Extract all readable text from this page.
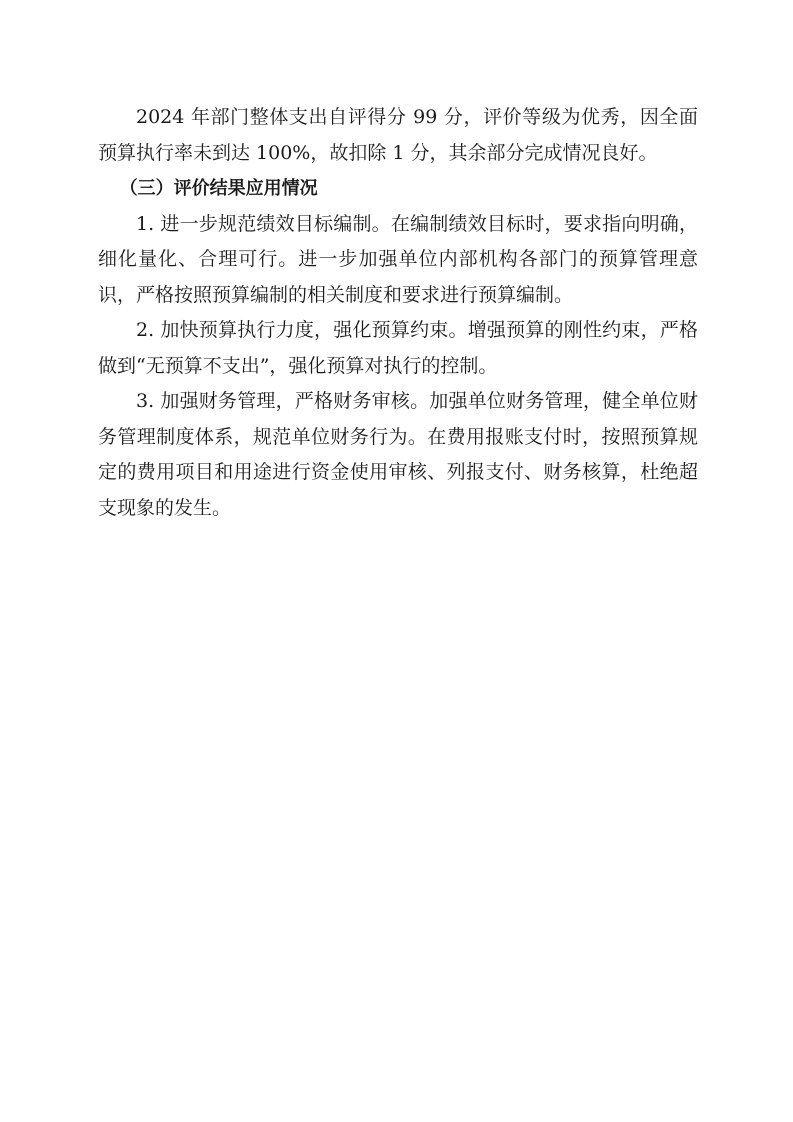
2024 年部门整体支出自评得分 99 分，评价等级为优秀，因全面预算执行率未到达 100%，故扣除 1 分，其余部分完成情况良好。

（三）评价结果应用情况

1. 进一步规范绩效目标编制。在编制绩效目标时，要求指向明确，细化量化、合理可行。进一步加强单位内部机构各部门的预算管理意识，严格按照预算编制的相关制度和要求进行预算编制。

2. 加快预算执行力度，强化预算约束。增强预算的刚性约束，严格做到“无预算不支出”，强化预算对执行的控制。

3. 加强财务管理，严格财务审核。加强单位财务管理，健全单位财务管理制度体系，规范单位财务行为。在费用报账支付时，按照预算规定的费用项目和用途进行资金使用审核、列报支付、财务核算，杜绝超支现象的发生。
